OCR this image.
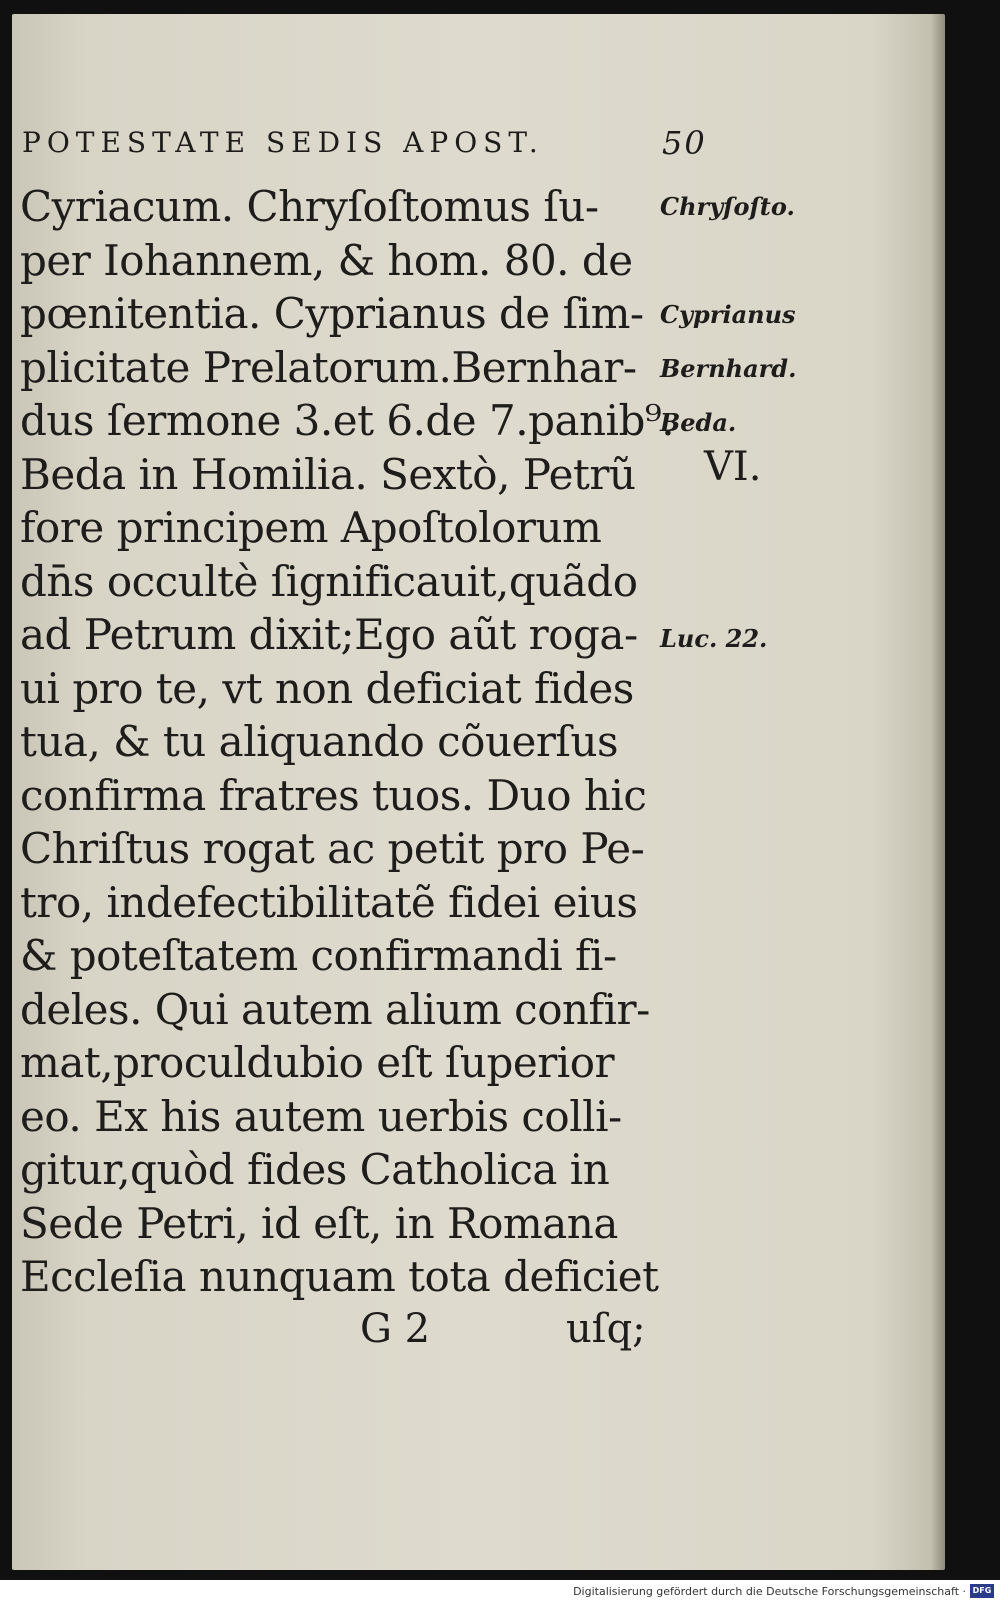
POTESTATE SEDIS APOST.	50
Cyriacum. Chryſoſtomus ſu-
per Iohannem, & hom. 80. de
pœnitentia. Cyprianus de ſim-
plicitate Prelatorum.Bernhar-
dus ſermone 3.et 6.de 7.panib⁹.
Beda in Homilia. Sextò, Petrũ
fore principem Apoſtolorum
dn̄s occultè ſignificauit,quãdo
ad Petrum dixit;Ego aũt roga-
ui pro te, vt non deficiat fides
tua, & tu aliquando cõuerſus
confirma fratres tuos. Duo hic
Chriſtus rogat ac petit pro Pe-
tro, indefectibilitatẽ fidei eius
& poteſtatem confirmandi fi-
deles. Qui autem alium confir-
mat,proculdubio eſt ſuperior
eo. Ex his autem uerbis colli-
gitur,quòd fides Catholica in
Sede Petri, id eſt, in Romana
Eccleſia nunquam tota deficiet
Chryſoſto.
Cyprianus
Bernhard.
Beda.
VI.
Luc. 22.
G 2	uſq;
Digitalisierung gefördert durch die Deutsche Forschungsgemeinschaft · DFG
